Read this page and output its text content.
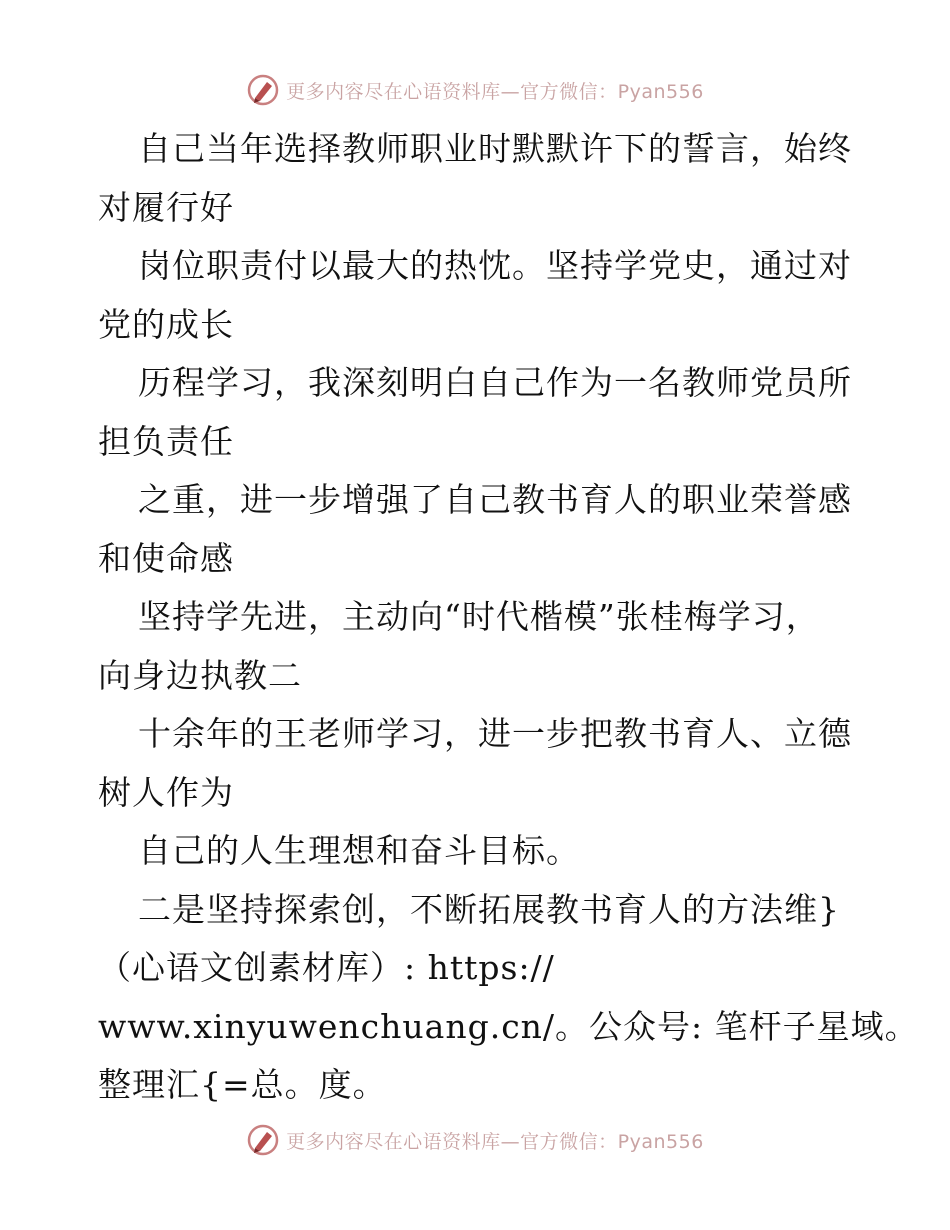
更多内容尽在心语资料库—官方微信：Pyan556
自己当年选择教师职业时默默许下的誓言，始终
对履行好
岗位职责付以最大的热忱。坚持学党史，通过对
党的成长
历程学习，我深刻明白自己作为一名教师党员所
担负责任
之重，进一步增强了自己教书育人的职业荣誉感
和使命感
坚持学先进，主动向“时代楷模”张桂梅学习，
向身边执教二
十余年的王老师学习，进一步把教书育人、立德
树人作为
自己的人生理想和奋斗目标。
二是坚持探索创，不断拓展教书育人的方法维}
（心语文创素材库）: https://
www.xinyuwenchuang.cn/。公众号: 笔杆子星域。
整理汇{=总。度。
更多内容尽在心语资料库—官方微信：Pyan556
